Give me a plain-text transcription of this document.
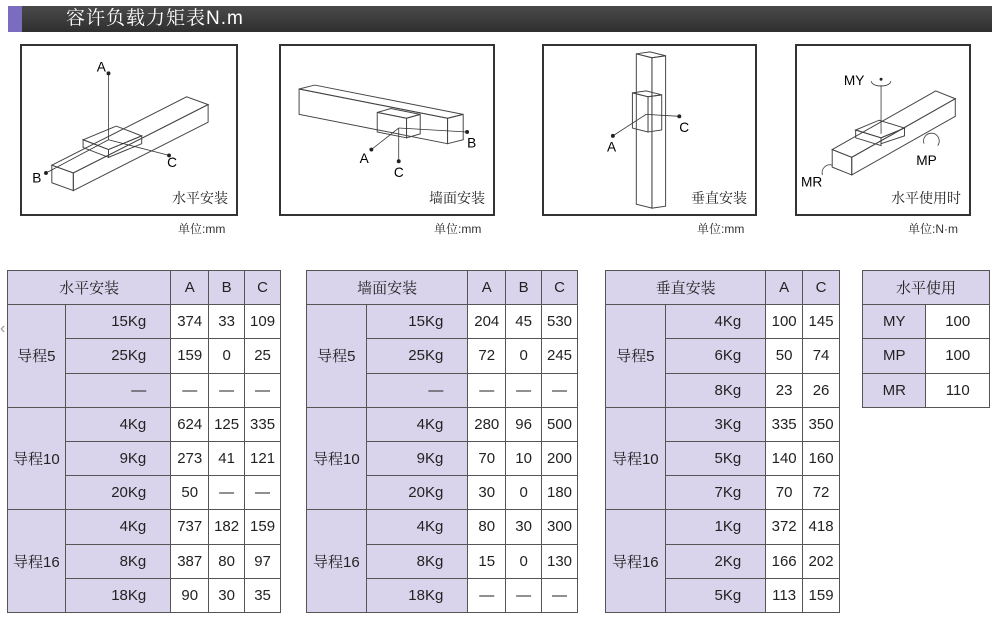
容许负载力矩表N.m
A
C
B
水平安装
单位:mm
A
B
C
墙面安装
单位:mm
C
A
垂直安装
单位:mm
MY
MP
MR
水平使用时
单位:N·m
‹
水平安装		A	B	C
导程5	15Kg	374	33	109
	25Kg	159	0	25
	—	—	—	—
导程10	4Kg	624	125	335
	9Kg	273	41	121
	20Kg	50	—	—
导程16	4Kg	737	182	159
	8Kg	387	80	97
	18Kg	90	30	35
墙面安装		A	B	C
导程5	15Kg	204	45	530
	25Kg	72	0	245
	—	—	—	—
导程10	4Kg	280	96	500
	9Kg	70	10	200
	20Kg	30	0	180
导程16	4Kg	80	30	300
	8Kg	15	0	130
	18Kg	—	—	—
垂直安装		A	C
导程5	4Kg	100	145
	6Kg	50	74
	8Kg	23	26
导程10	3Kg	335	350
	5Kg	140	160
	7Kg	70	72
导程16	1Kg	372	418
	2Kg	166	202
	5Kg	113	159
水平使用	
MY	100
MP	100
MR	110
